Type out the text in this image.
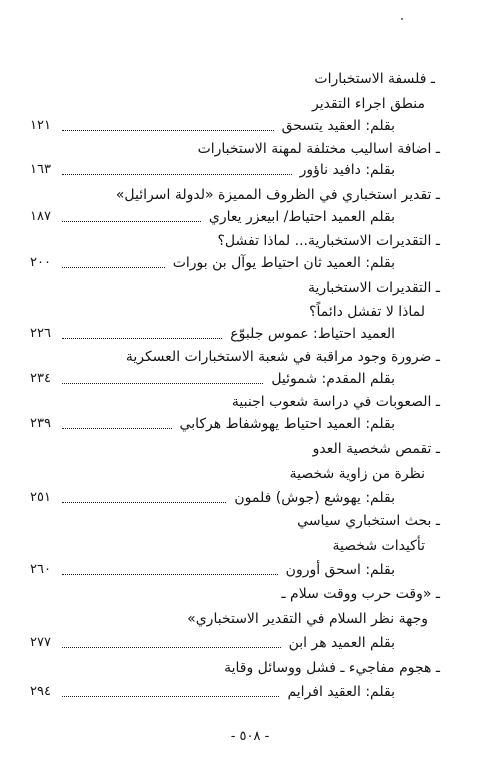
ـ فلسفة الاستخبارات
منطق اجراء التقدير
١٢١	بقلم: العقيد يتسحق
ـ اضافة اساليب مختلفة لمهنة الاستخبارات
١٦٣	بقلم: دافيد ناؤور
ـ تقدير استخباري في الظروف المميزة «لدولة اسرائيل»
١٨٧	بقلم العميد احتياط/ ابيعزر يعاري
ـ التقديرات الاستخبارية... لماذا تفشل؟
٢٠٠	بقلم: العميد ثان احتياط يوآل بن بورات
ـ التقديرات الاستخبارية
لماذا لا تفشل دائماً؟
٢٢٦	العميد احتياط: عموس جلبوّع
ـ ضرورة وجود مراقبة في شعبة الاستخبارات العسكرية
٢٣٤	بقلم المقدم: شموئيل
ـ الصعوبات في دراسة شعوب اجنبية
٢٣٩	بقلم: العميد احتياط يهوشفاط هركابي
ـ تقمص شخصية العدو
نظرة من زاوية شخصية
٢٥١	بقلم: يهوشع (جوش) فلمون
ـ بحث استخباري سياسي
تأكيدات شخصية
٢٦٠	بقلم: اسحق أورون
ـ «وقت حرب ووقت سلام ـ
وجهة نظر السلام في التقدير الاستخباري»
٢٧٧	بقلم العميد هر ابن
ـ هجوم مفاجيء ـ فشل ووسائل وقاية
٢٩٤	بقلم: العقيد افرايم
- ٥٠٨ -
